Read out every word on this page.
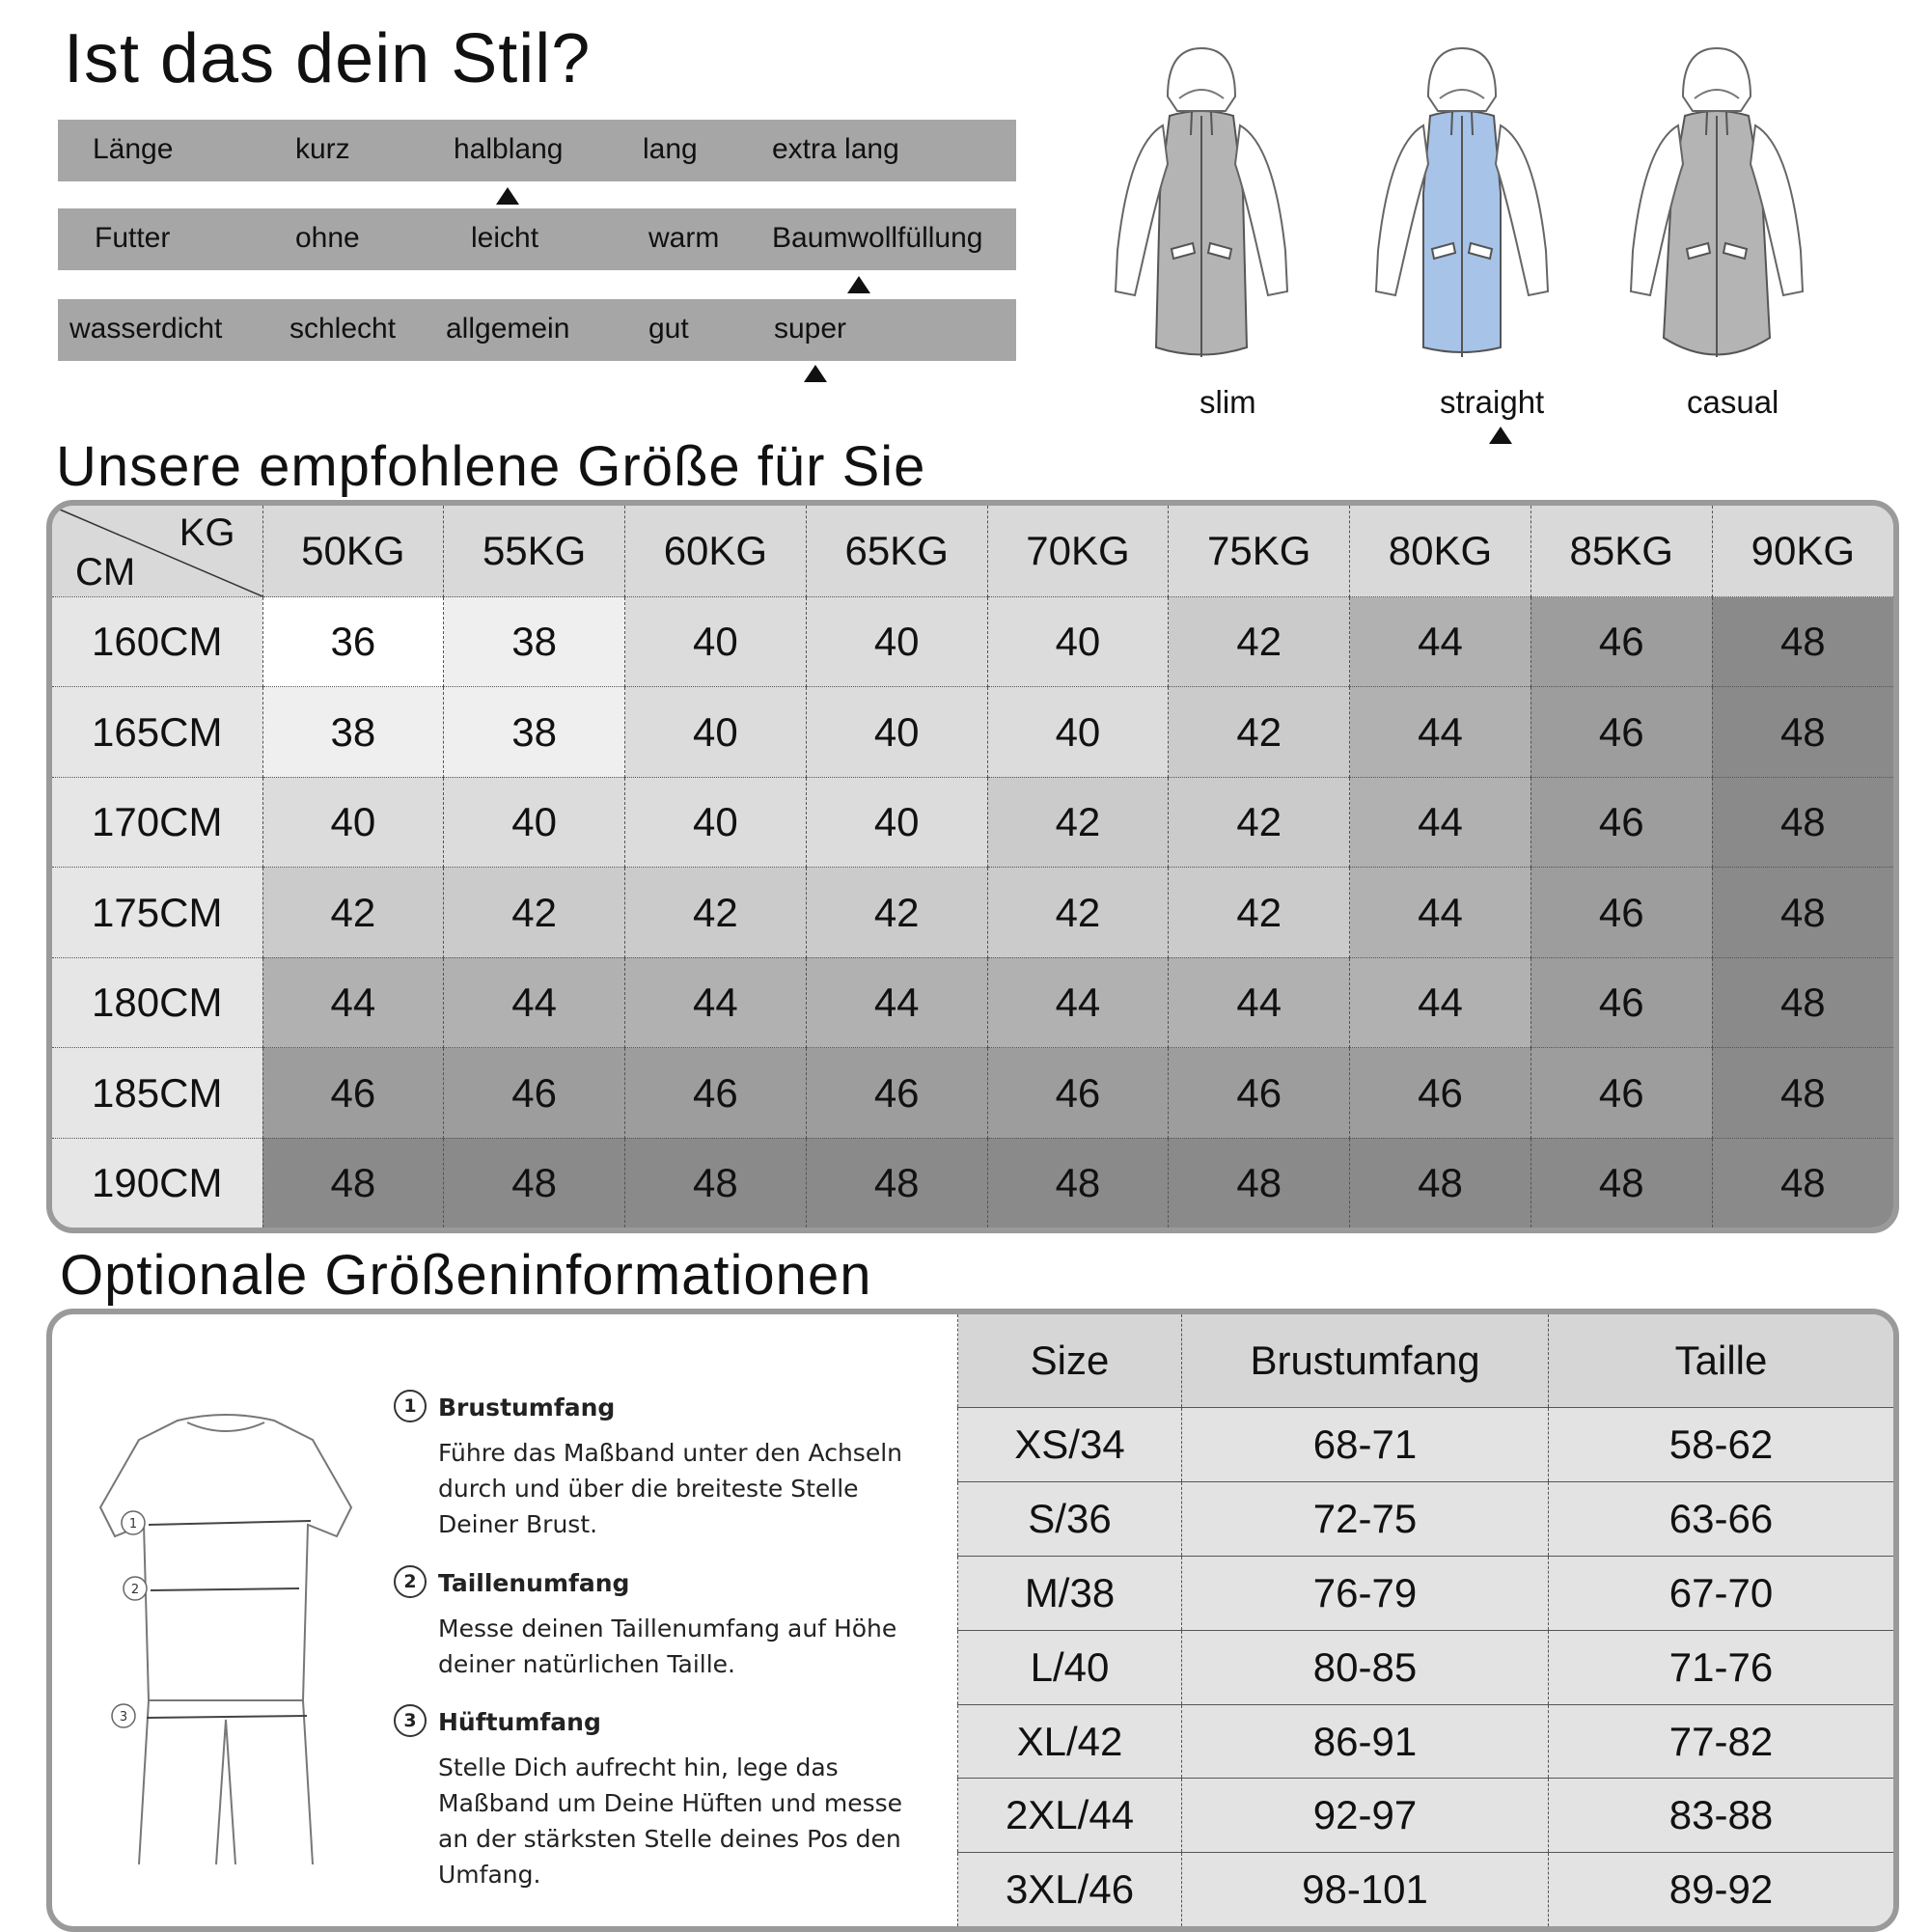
Ist das dein Stil?
Länge	kurz	halblang	lang	extra lang
Futter	ohne	leicht	warm Baumwollfüllung
wasserdicht schlecht allgemein	gut	super
slim	straight	casual
Unsere empfohlene Größe für Sie
KG
CM	50KG	55KG	60KG	65KG	70KG	75KG	80KG	85KG	90KG
160CM	36	38	40	40	40	42	44	46	48
165CM	38	38	40	40	40	42	44	46	48
170CM	40	40	40	40	42	42	44	46	48
175CM	42	42	42	42	42	42	44	46	48
180CM	44	44	44	44	44	44	44	46	48
185CM	46	46	46	46	46	46	46	46	48
190CM	48	48	48	48	48	48	48	48	48
Optionale Größeninformationen
1
2
3
1 Brustumfang
Führe das Maßband unter den Achseln durch und über die breiteste Stelle Deiner Brust.
2 Taillenumfang
Messe deinen Taillenumfang auf Höhe deiner natürlichen Taille.
3 Hüftumfang
Stelle Dich aufrecht hin, lege das Maßband um Deine Hüften und messe an der stärksten Stelle deines Pos den Umfang.
Size	Brustumfang	Taille
XS/34	68-71	58-62
S/36	72-75	63-66
M/38	76-79	67-70
L/40	80-85	71-76
XL/42	86-91	77-82
2XL/44	92-97	83-88
3XL/46	98-101	89-92
